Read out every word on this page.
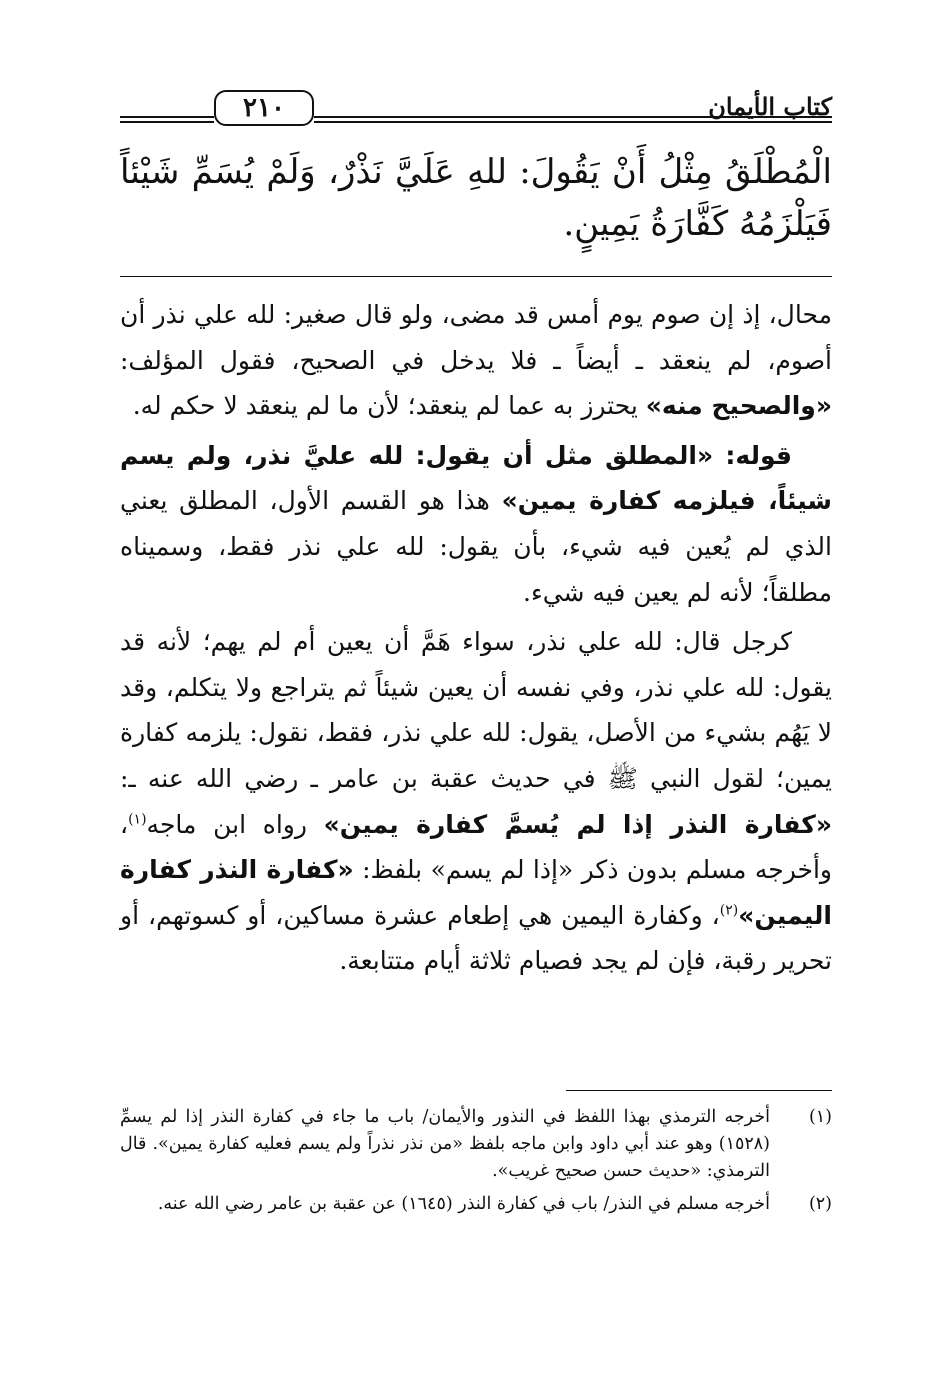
كتاب الأيمان
٢١٠

الْمُطْلَقُ مِثْلُ أَنْ يَقُولَ: للهِ عَلَيَّ نَذْرٌ، وَلَمْ يُسَمِّ شَيْئاً فَيَلْزَمُهُ كَفَّارَةُ يَمِينٍ.

محال، إذ إن صوم يوم أمس قد مضى، ولو قال صغير: لله علي نذر أن أصوم، لم ينعقد ـ أيضاً ـ فلا يدخل في الصحيح، فقول المؤلف: «والصحيح منه» يحترز به عما لم ينعقد؛ لأن ما لم ينعقد لا حكم له.

قوله: «المطلق مثل أن يقول: لله عليَّ نذر، ولم يسم شيئاً، فيلزمه كفارة يمين» هذا هو القسم الأول، المطلق يعني الذي لم يُعين فيه شيء، بأن يقول: لله علي نذر فقط، وسميناه مطلقاً؛ لأنه لم يعين فيه شيء.

كرجل قال: لله علي نذر، سواء هَمَّ أن يعين أم لم يهم؛ لأنه قد يقول: لله علي نذر، وفي نفسه أن يعين شيئاً ثم يتراجع ولا يتكلم، وقد لا يَهُم بشيء من الأصل، يقول: لله علي نذر، فقط، نقول: يلزمه كفارة يمين؛ لقول النبي ﷺ في حديث عقبة بن عامر ـ رضي الله عنه ـ: «كفارة النذر إذا لم يُسمَّ كفارة يمين» رواه ابن ماجه$^{(١)}$، وأخرجه مسلم بدون ذكر «إذا لم يسم» بلفظ: «كفارة النذر كفارة اليمين»$^{(٢)}$، وكفارة اليمين هي إطعام عشرة مساكين، أو كسوتهم، أو تحرير رقبة، فإن لم يجد فصيام ثلاثة أيام متتابعة.

(١)
أخرجه الترمذي بهذا اللفظ في النذور والأيمان/ باب ما جاء في كفارة النذر إذا لم يسمِّ (١٥٢٨) وهو عند أبي داود وابن ماجه بلفظ «من نذر نذراً ولم يسم فعليه كفارة يمين». قال الترمذي: «حديث حسن صحيح غريب».
(٢)
أخرجه مسلم في النذر/ باب في كفارة النذر (١٦٤٥) عن عقبة بن عامر رضي الله عنه.
